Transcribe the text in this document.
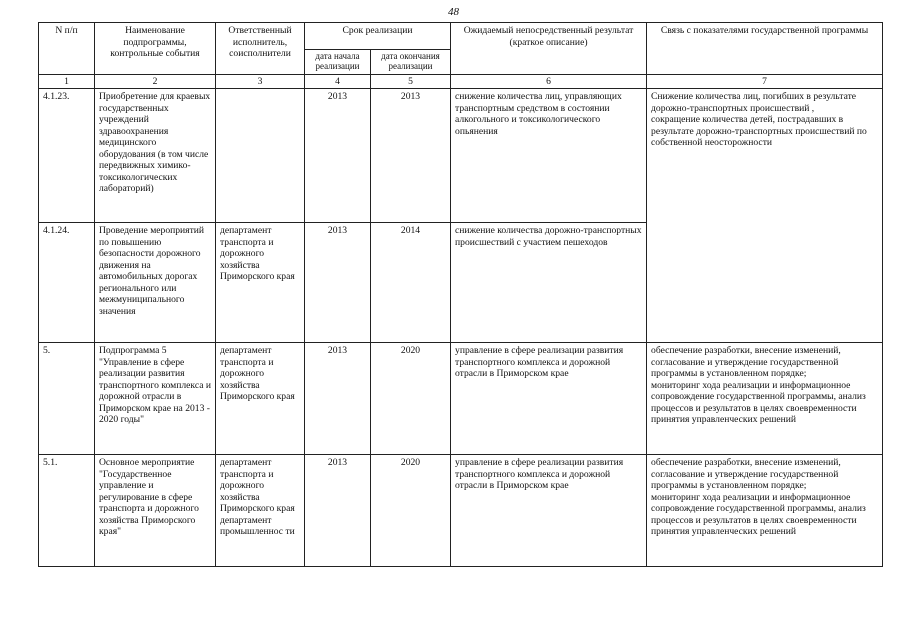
48
N п/п	Наименование подпрограммы, контрольные события	Ответственный исполнитель, соисполнители	Срок реализации		Ожидаемый непосредственный результат (краткое описание)	Связь с показателями государственной программы
			дата начала реализации	дата окончания реализации		
1	2	3	4	5	6	7
4.1.23.	Приобретение для краевых государственных учреждений здравоохранения медицинского оборудования (в том числе передвижных химико-токсикологических лабораторий)		2013	2013	снижение количества лиц, управляющих транспортным средством в состоянии алкогольного и токсикологического опьянения	Снижение количества лиц, погибших в результате дорожно-транспортных происшествий ,
сокращение количества детей, пострадавших в результате дорожно-транспортных происшествий по собственной неосторожности
4.1.24.	Проведение мероприятий по повышению безопасности дорожного движения на автомобильных дорогах регионального или межмуниципального значения	департамент транспорта и дорожного хозяйства Приморского края	2013	2014	снижение количества дорожно-транспортных происшествий с участием пешеходов	
5.	Подпрограмма 5 "Управление в сфере реализации развития транспортного комплекса и дорожной отрасли в Приморском крае на 2013 - 2020 годы"	департамент транспорта и дорожного хозяйства Приморского края	2013	2020	управление в сфере реализации развития транспортного комплекса и дорожной отрасли в Приморском крае	обеспечение разработки, внесение изменений, согласование и утверждение государственной программы в установленном порядке;
мониторинг хода реализации и информационное сопровождение государственной программы, анализ процессов и результатов в целях своевременности принятия управленческих решений
5.1.	Основное мероприятие "Государственное управление и регулирование в сфере транспорта и дорожного хозяйства Приморского края"	департамент транспорта и дорожного хозяйства Приморского края департамент промышленнос ти	2013	2020	управление в сфере реализации развития транспортного комплекса и дорожной отрасли в Приморском крае	обеспечение разработки, внесение изменений, согласование и утверждение государственной программы в установленном порядке;
мониторинг хода реализации и информационное сопровождение государственной программы, анализ процессов и результатов в целях своевременности принятия управленческих решений
